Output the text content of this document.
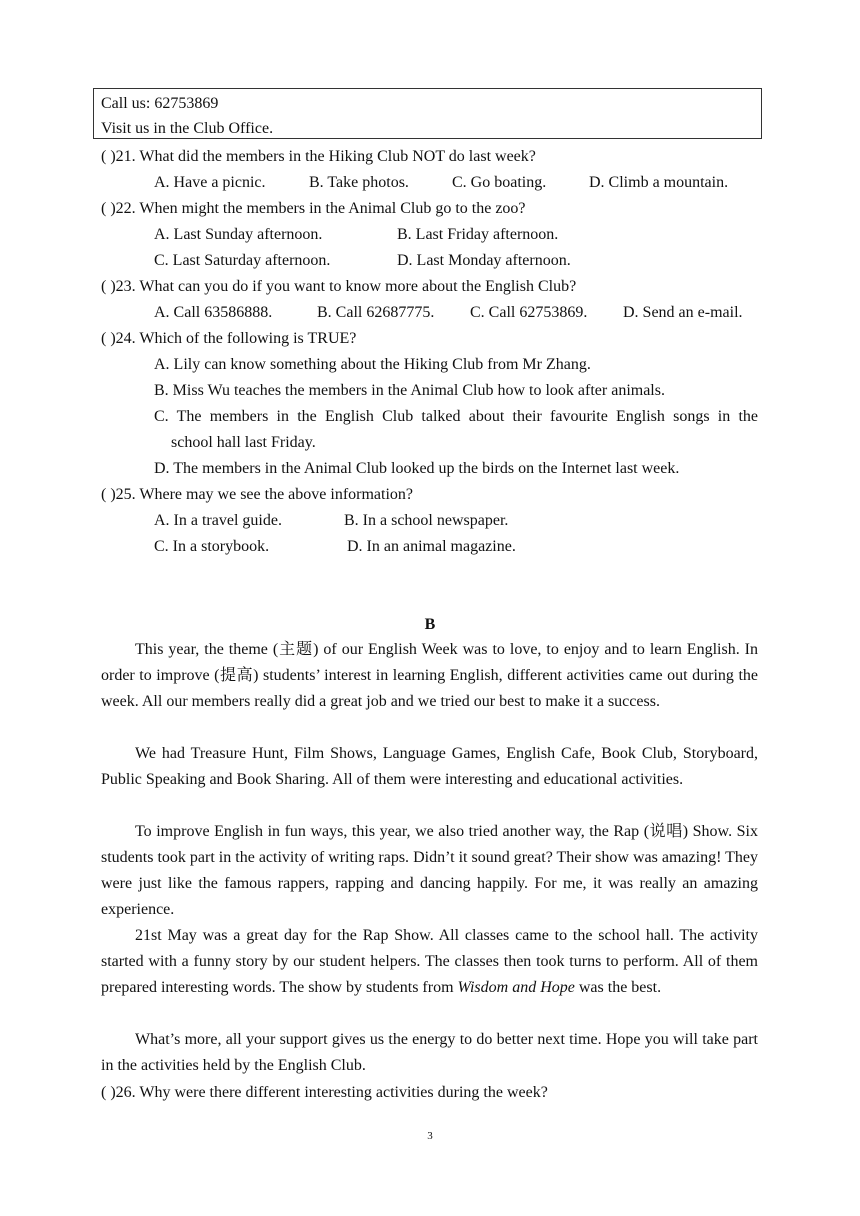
Call us: 62753869
Visit us in the Club Office.
( )21. What did the members in the Hiking Club NOT do last week?
A. Have a picnic.	B. Take photos.	C. Go boating.	D. Climb a mountain.
( )22. When might the members in the Animal Club go to the zoo?
A. Last Sunday afternoon.	B. Last Friday afternoon.
C. Last Saturday afternoon.	D. Last Monday afternoon.
( )23. What can you do if you want to know more about the English Club?
A. Call 63586888.	B. Call 62687775. C. Call 62753869. D. Send an e-mail.
( )24. Which of the following is TRUE?
A. Lily can know something about the Hiking Club from Mr Zhang.
B. Miss Wu teaches the members in the Animal Club how to look after animals.
C. The members in the English Club talked about their favourite English songs in the
school hall last Friday.
D. The members in the Animal Club looked up the birds on the Internet last week.
( )25. Where may we see the above information?
A. In a travel guide.	B. In a school newspaper.
C. In a storybook.	D. In an animal magazine.
B

This year, the theme (主题) of our English Week was to love, to enjoy and to learn English. In order to improve (提高) students’ interest in learning English, different activities came out during the week. All our members really did a great job and we tried our best to make it a success.

We had Treasure Hunt, Film Shows, Language Games, English Cafe, Book Club, Storyboard, Public Speaking and Book Sharing. All of them were interesting and educational activities.

To improve English in fun ways, this year, we also tried another way, the Rap (说唱) Show. Six students took part in the activity of writing raps. Didn’t it sound great? Their show was amazing! They were just like the famous rappers, rapping and dancing happily. For me, it was really an amazing experience.

21st May was a great day for the Rap Show. All classes came to the school hall. The activity started with a funny story by our student helpers. The classes then took turns to perform. All of them prepared interesting words. The show by students from Wisdom and Hope was the best.

What’s more, all your support gives us the energy to do better next time. Hope you will take part in the activities held by the English Club.

( )26. Why were there different interesting activities during the week?
3
